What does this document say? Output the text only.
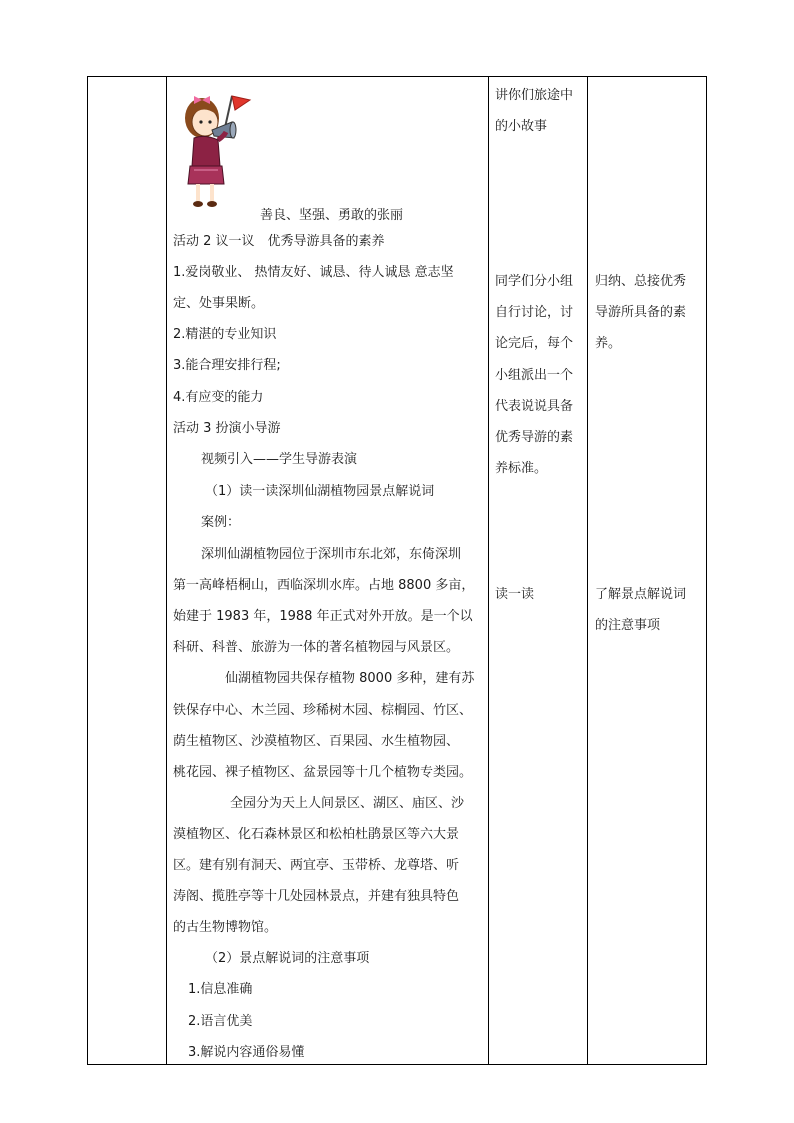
善良、坚强、勇敢的张丽
活动 2 议一议　优秀导游具备的素养
1.爱岗敬业、 热情友好、诚恳、待人诚恳 意志坚
定、处事果断。
2.精湛的专业知识
3.能合理安排行程;
4.有应变的能力
活动 3 扮演小导游
视频引入——学生导游表演
（1）读一读深圳仙湖植物园景点解说词
案例：
深圳仙湖植物园位于深圳市东北郊，东倚深圳
第一高峰梧桐山，西临深圳水库。占地 8800 多亩，
始建于 1983 年，1988 年正式对外开放。是一个以
科研、科普、旅游为一体的著名植物园与风景区。
仙湖植物园共保存植物 8000 多种，建有苏
铁保存中心、木兰园、珍稀树木园、棕榈园、竹区、
荫生植物区、沙漠植物区、百果园、水生植物园、
桃花园、裸子植物区、盆景园等十几个植物专类园。
全园分为天上人间景区、湖区、庙区、沙
漠植物区、化石森林景区和松柏杜鹃景区等六大景
区。建有别有洞天、两宜亭、玉带桥、龙尊塔、听
涛阁、揽胜亭等十几处园林景点，并建有独具特色
的古生物博物馆。
（2）景点解说词的注意事项
1.信息准确
2.语言优美
3.解说内容通俗易懂
讲你们旅途中
的小故事
同学们分小组
自行讨论，讨
论完后，每个
小组派出一个
代表说说具备
优秀导游的素
养标准。
读一读
归纳、总接优秀
导游所具备的素
养。
了解景点解说词
的注意事项
